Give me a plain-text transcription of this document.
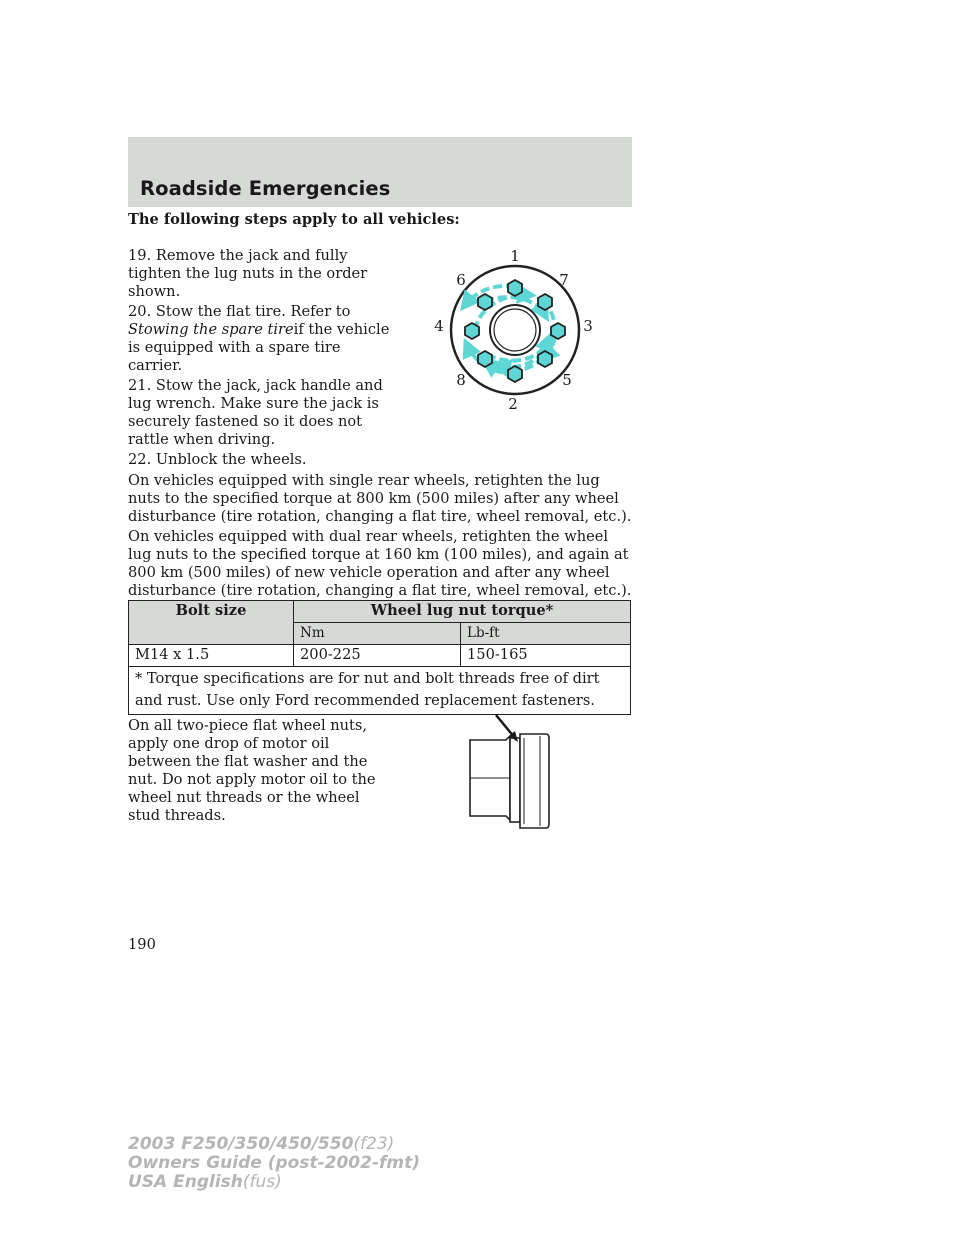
Roadside Emergencies
The following steps apply to all vehicles:

19. Remove the jack and fully tighten the lug nuts in the order shown.

20. Stow the flat tire. Refer to Stowing the spare tireif the vehicle is equipped with a spare tire carrier.

21. Stow the jack, jack handle and lug wrench. Make sure the jack is securely fastened so it does not rattle when driving.

22. Unblock the wheels.

On vehicles equipped with single rear wheels, retighten the lug nuts to the specified torque at 800 km (500 miles) after any wheel disturbance (tire rotation, changing a flat tire, wheel removal, etc.).

On vehicles equipped with dual rear wheels, retighten the wheel lug nuts to the specified torque at 160 km (100 miles), and again at 800 km (500 miles) of new vehicle operation and after any wheel disturbance (tire rotation, changing a flat tire, wheel removal, etc.).

Bolt size	Wheel lug nut torque*	
	Nm	Lb-ft
M14 x 1.5	200-225	150-165
* Torque specifications are for nut and bolt threads free of dirt and rust. Use only Ford recommended replacement fasteners.		

On all two-piece flat wheel nuts, apply one drop of motor oil between the flat washer and the nut. Do not apply motor oil to the wheel nut threads or the wheel stud threads.

1
2
3
4
5
6	7
8
190
2003 F250/350/450/550(f23)
Owners Guide (post-2002-fmt)
USA English(fus)
